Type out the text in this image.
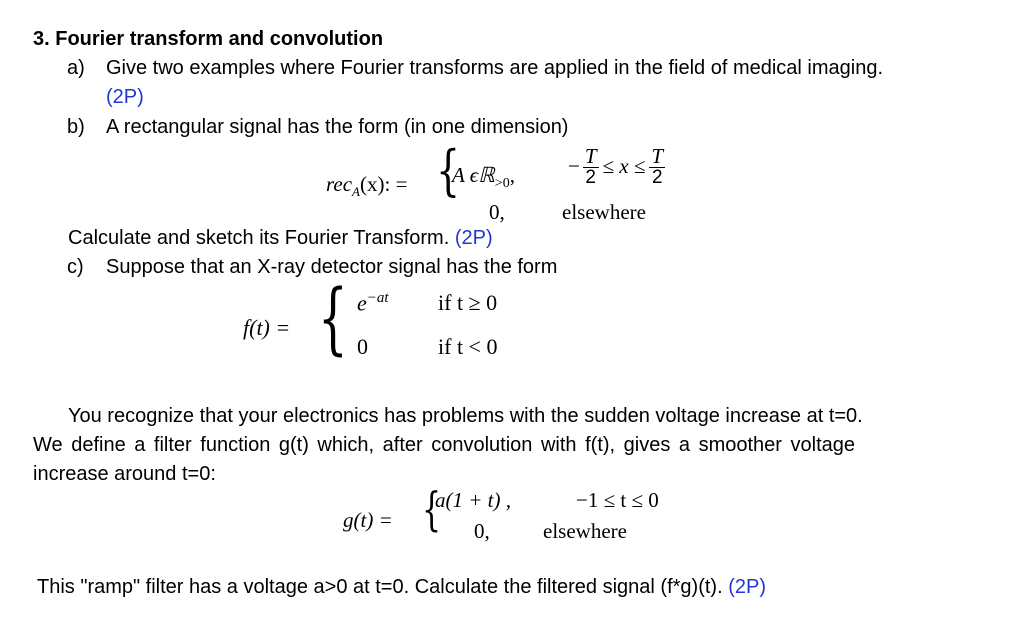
3. Fourier transform and convolution
a) Give two examples where Fourier transforms are applied in the field of medical imaging.
(2P)
b) A rectangular signal has the form (in one dimension)
rec$_A$(x): = {
A ϵℝ$_{>0}$,	− $\frac{T}{2} \le x \le \frac{T}{2}$
0,	elsewhere
Calculate and sketch its Fourier Transform. (2P)
c) Suppose that an X-ray detector signal has the form
f(t) = { $e^{-at}$ if t ≥ 0
0	if t < 0
You recognize that your electronics has problems with the sudden voltage increase at t=0.
We define a filter function g(t) which, after convolution with f(t), gives a smoother voltage
increase around t=0:
g(t) = {
a(1 + t) ,	−1 ≤ t ≤ 0
0,	elsewhere
This "ramp" filter has a voltage a>0 at t=0. Calculate the filtered signal (f*g)(t). (2P)
